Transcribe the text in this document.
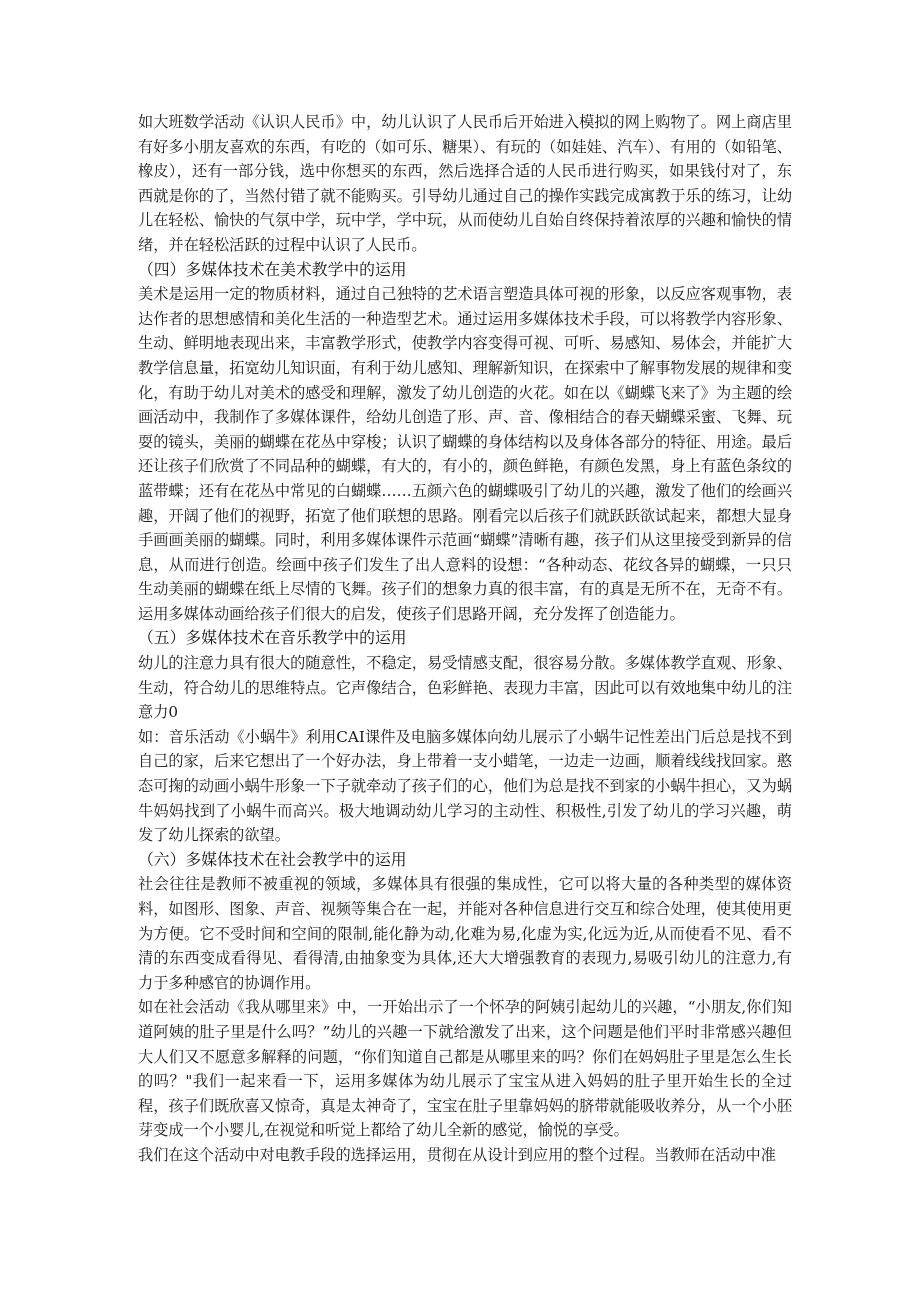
如大班数学活动《认识人民币》中，幼儿认识了人民币后开始进入模拟的网上购物了。网上商店里有好多小朋友喜欢的东西，有吃的（如可乐、糖果）、有玩的（如娃娃、汽车）、有用的（如铅笔、橡皮），还有一部分钱，选中你想买的东西，然后选择合适的人民币进行购买，如果钱付对了，东西就是你的了，当然付错了就不能购买。引导幼儿通过自己的操作实践完成寓教于乐的练习，让幼儿在轻松、愉快的气氛中学，玩中学，学中玩，从而使幼儿自始自终保持着浓厚的兴趣和愉快的情绪，并在轻松活跃的过程中认识了人民币。

（四）多媒体技术在美术教学中的运用

美术是运用一定的物质材料，通过自己独特的艺术语言塑造具体可视的形象，以反应客观事物，表达作者的思想感情和美化生活的一种造型艺术。通过运用多媒体技术手段，可以将教学内容形象、生动、鲜明地表现出来，丰富教学形式，使教学内容变得可视、可听、易感知、易体会，并能扩大教学信息量，拓宽幼儿知识面，有利于幼儿感知、理解新知识，在探索中了解事物发展的规律和变化，有助于幼儿对美术的感受和理解，激发了幼儿创造的火花。如在以《蝴蝶飞来了》为主题的绘画活动中，我制作了多媒体课件，给幼儿创造了形、声、音、像相结合的春天蝴蝶采蜜、飞舞、玩耍的镜头，美丽的蝴蝶在花丛中穿梭；认识了蝴蝶的身体结构以及身体各部分的特征、用途。最后还让孩子们欣赏了不同品种的蝴蝶，有大的，有小的，颜色鲜艳，有颜色发黑，身上有蓝色条纹的蓝带蝶；还有在花丛中常见的白蝴蝶……五颜六色的蝴蝶吸引了幼儿的兴趣，激发了他们的绘画兴趣，开阔了他们的视野，拓宽了他们联想的思路。刚看完以后孩子们就跃跃欲试起来，都想大显身手画画美丽的蝴蝶。同时，利用多媒体课件示范画“蝴蝶”清晰有趣，孩子们从这里接受到新异的信息，从而进行创造。绘画中孩子们发生了出人意料的设想：“各种动态、花纹各异的蝴蝶，一只只生动美丽的蝴蝶在纸上尽情的飞舞。孩子们的想象力真的很丰富，有的真是无所不在，无奇不有。运用多媒体动画给孩子们很大的启发，使孩子们思路开阔，充分发挥了创造能力。

（五）多媒体技术在音乐教学中的运用

幼儿的注意力具有很大的随意性，不稳定，易受情感支配，很容易分散。多媒体教学直观、形象、生动，符合幼儿的思维特点。它声像结合，色彩鲜艳、表现力丰富，因此可以有效地集中幼儿的注意力0

如：音乐活动《小蜗牛》利用CAI课件及电脑多媒体向幼儿展示了小蜗牛记性差出门后总是找不到自己的家，后来它想出了一个好办法，身上带着一支小蜡笔，一边走一边画，顺着线线找回家。憨态可掬的动画小蜗牛形象一下子就牵动了孩子们的心，他们为总是找不到家的小蜗牛担心，又为蜗牛妈妈找到了小蜗牛而高兴。极大地调动幼儿学习的主动性、积极性,引发了幼儿的学习兴趣，萌发了幼儿探索的欲望。

（六）多媒体技术在社会教学中的运用

社会往往是教师不被重视的领域，多媒体具有很强的集成性，它可以将大量的各种类型的媒体资料，如图形、图象、声音、视频等集合在一起，并能对各种信息进行交互和综合处理，使其使用更为方便。它不受时间和空间的限制,能化静为动,化难为易,化虚为实,化远为近,从而使看不见、看不清的东西变成看得见、看得清,由抽象变为具体,还大大增强教育的表现力,易吸引幼儿的注意力,有力于多种感官的协调作用。

如在社会活动《我从哪里来》中，一开始出示了一个怀孕的阿姨引起幼儿的兴趣，“小朋友,你们知道阿姨的肚子里是什么吗？”幼儿的兴趣一下就给激发了出来，这个问题是他们平时非常感兴趣但大人们又不愿意多解释的问题，“你们知道自己都是从哪里来的吗？你们在妈妈肚子里是怎么生长的吗？"我们一起来看一下，运用多媒体为幼儿展示了宝宝从进入妈妈的肚子里开始生长的全过程，孩子们既欣喜又惊奇，真是太神奇了，宝宝在肚子里靠妈妈的脐带就能吸收养分，从一个小胚芽变成一个小婴儿,在视觉和听觉上都给了幼儿全新的感觉，愉悦的享受。

我们在这个活动中对电教手段的选择运用，贯彻在从设计到应用的整个过程。当教师在活动中准
